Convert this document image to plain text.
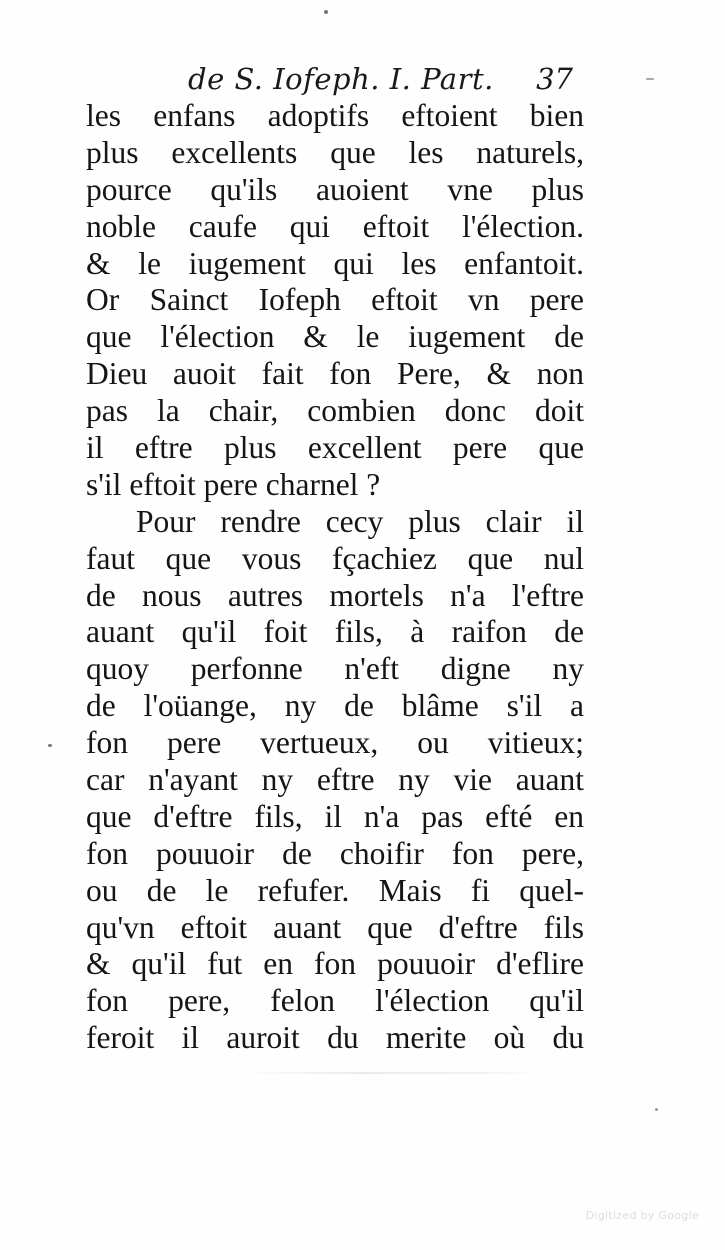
de S. Iofeph. I. Part. 37
les enfans adoptifs eftoient bien
plus excellents que les naturels,
pource qu'ils auoient vne plus
noble caufe qui eftoit l'élection.
& le iugement qui les enfantoit.
Or Sainct Iofeph eftoit vn pere
que l'élection & le iugement de
Dieu auoit fait fon Pere, & non
pas la chair, combien donc doit
il eftre plus excellent pere que
s'il eftoit pere charnel ?
Pour rendre cecy plus clair il
faut que vous fçachiez que nul
de nous autres mortels n'a l'eftre
auant qu'il foit fils, à raifon de
quoy perfonne n'eft digne ny
de l'oüange, ny de blâme s'il a
fon pere vertueux, ou vitieux;
car n'ayant ny eftre ny vie auant
que d'eftre fils, il n'a pas efté en
fon pouuoir de choifir fon pere,
ou de le refufer. Mais fi quel-
qu'vn eftoit auant que d'eftre fils
& qu'il fut en fon pouuoir d'eflire
fon pere, felon l'élection qu'il
feroit il auroit du merite où du
Digitized by Google
